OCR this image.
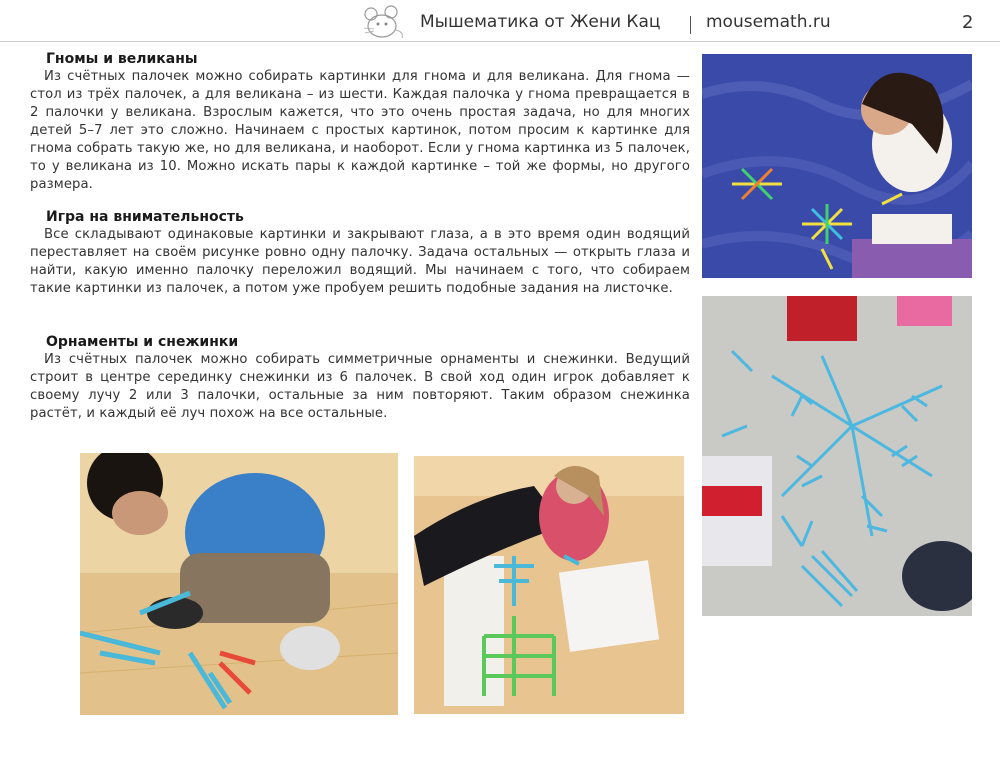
Мышематика от Жени Кац	mousemath.ru	2
Гномы и великаны

Из счётных палочек можно собирать картинки для гнома и для великана. Для гнома — стол из трёх палочек, а для великана – из шести. Каждая палочка у гнома превращается в 2 палочки у великана. Взрослым кажется, что это очень простая задача, но для многих детей 5–7 лет это сложно. Начинаем с простых картинок, потом просим к картинке для гнома собрать такую же, но для великана, и наоборот. Если у гнома картинка из 5 палочек, то у великана из 10. Можно искать пары к каждой картинке – той же формы, но другого размера.

Игра на внимательность

Все складывают одинаковые картинки и закрывают глаза, а в это время один водящий переставляет на своём рисунке ровно одну палочку. Задача остальных — открыть глаза и найти, какую именно палочку переложил водящий. Мы начинаем с того, что собираем такие картинки из палочек, а потом уже пробуем решить подобные задания на листочке.

Орнаменты и снежинки

Из счётных палочек можно собирать симметричные орнаменты и снежинки. Ведущий строит в центре серединку снежинки из 6 палочек. В свой ход один игрок добавляет к своему лучу 2 или 3 палочки, остальные за ним повторяют. Таким образом снежинка растёт, и каждый её луч похож на все остальные.
